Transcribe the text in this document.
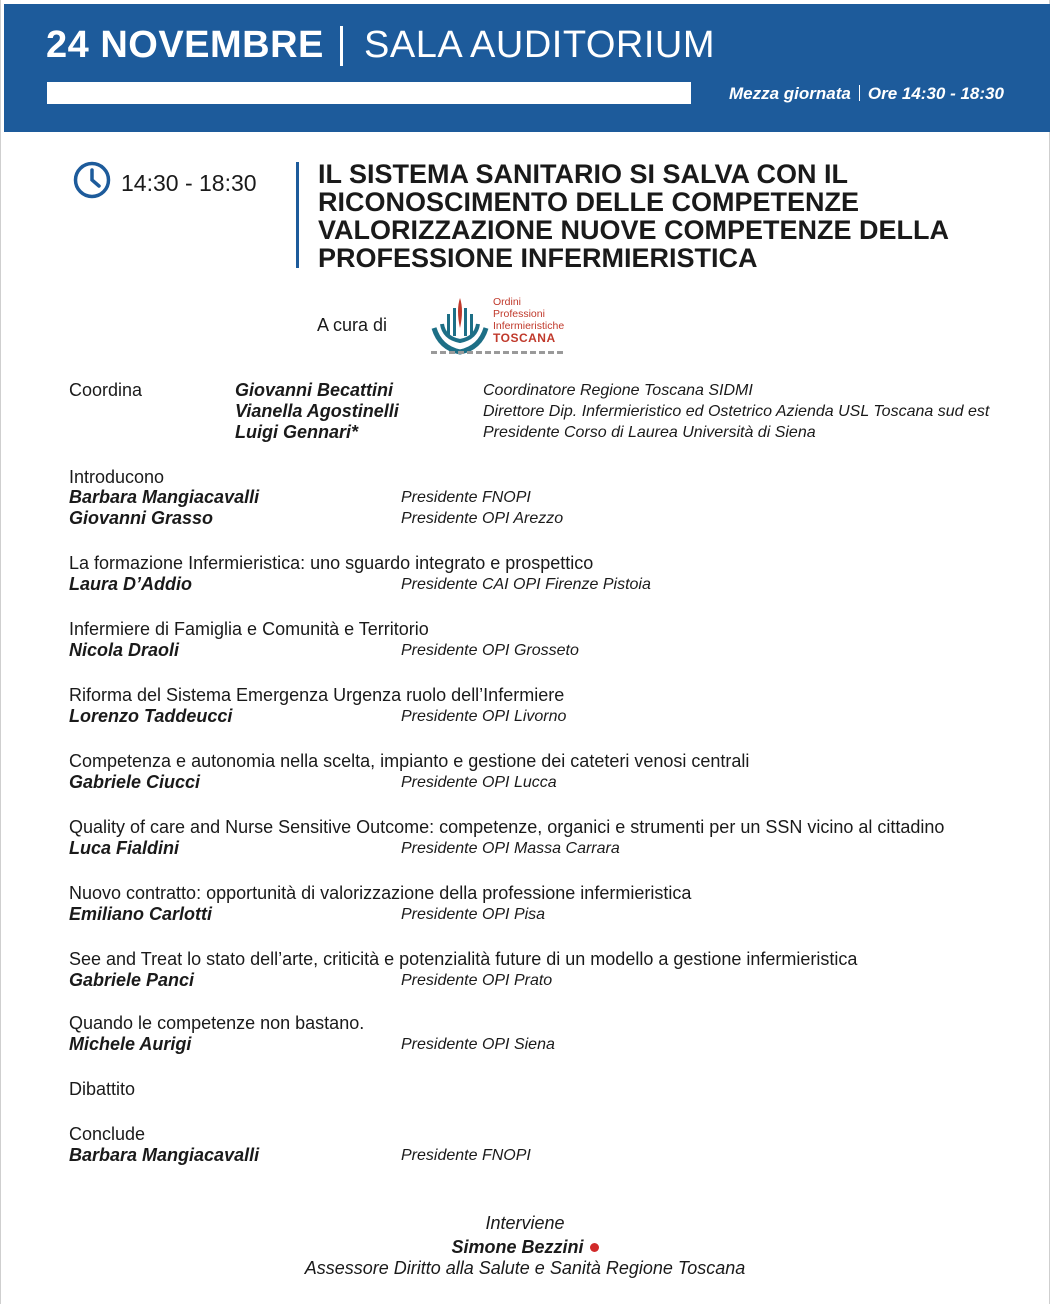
24 NOVEMBRE SALA AUDITORIUM
Mezza giornata Ore 14:30 - 18:30
14:30 - 18:30 IL SISTEMA SANITARIO SI SALVA CON IL
RICONOSCIMENTO DELLE COMPETENZE
VALORIZZAZIONE NUOVE COMPETENZE DELLA
PROFESSIONE INFERMIERISTICA
A cura di
Ordini
Professioni
Infermieristiche
TOSCANA
Coordina	Giovanni Becattini	Coordinatore Regione Toscana SIDMI
Vianella Agostinelli	Direttore Dip. Infermieristico ed Ostetrico Azienda USL Toscana sud est
Luigi Gennari*	Presidente Corso di Laurea Università di Siena
Introducono
Barbara Mangiacavalli	Presidente FNOPI
Giovanni Grasso	Presidente OPI Arezzo
La formazione Infermieristica: uno sguardo integrato e prospettico
Laura D’Addio	Presidente CAI OPI Firenze Pistoia
Infermiere di Famiglia e Comunità e Territorio
Nicola Draoli	Presidente OPI Grosseto
Riforma del Sistema Emergenza Urgenza ruolo dell’Infermiere
Lorenzo Taddeucci	Presidente OPI Livorno
Competenza e autonomia nella scelta, impianto e gestione dei cateteri venosi centrali
Gabriele Ciucci	Presidente OPI Lucca
Quality of care and Nurse Sensitive Outcome: competenze, organici e strumenti per un SSN vicino al cittadino
Luca Fialdini	Presidente OPI Massa Carrara
Nuovo contratto: opportunità di valorizzazione della professione infermieristica
Emiliano Carlotti	Presidente OPI Pisa
See and Treat lo stato dell’arte, criticità e potenzialità future di un modello a gestione infermieristica
Gabriele Panci	Presidente OPI Prato
Quando le competenze non bastano.
Michele Aurigi	Presidente OPI Siena
Dibattito
Conclude
Barbara Mangiacavalli	Presidente FNOPI
Interviene
Simone Bezzini
Assessore Diritto alla Salute e Sanità Regione Toscana
